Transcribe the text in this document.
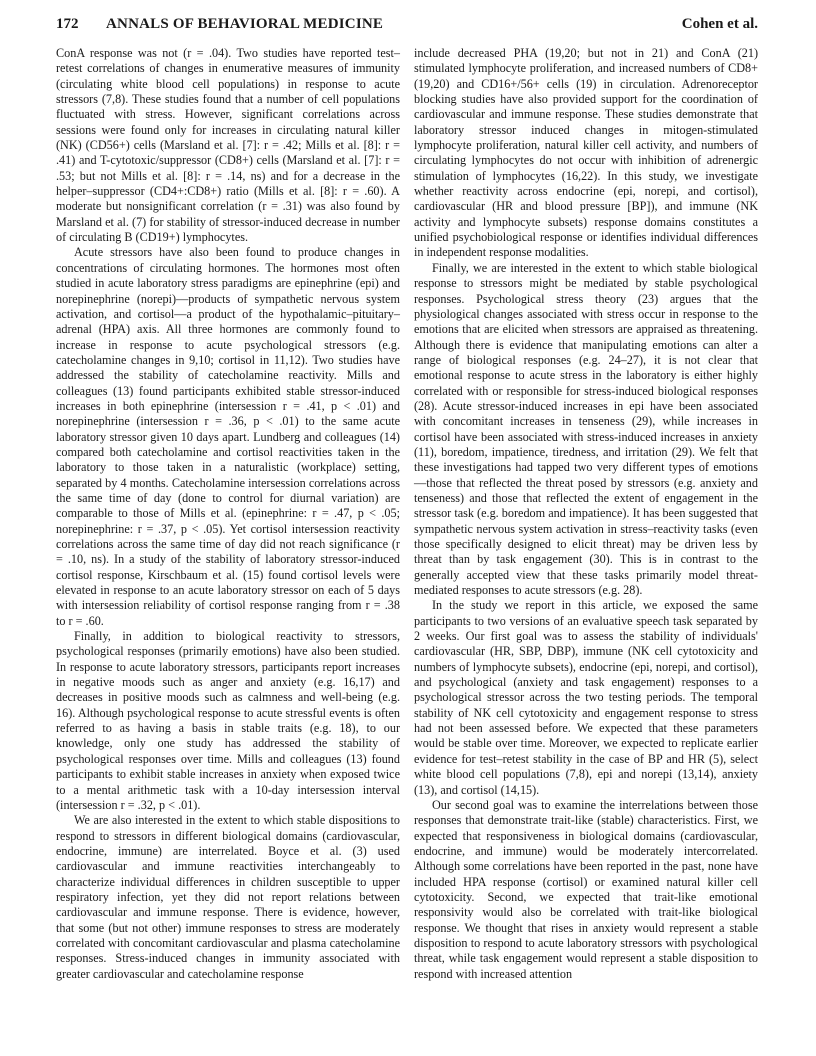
172 ANNALS OF BEHAVIORAL MEDICINE	Cohen et al.

ConA response was not (r = .04). Two studies have reported test–retest correlations of changes in enumerative measures of immunity (circulating white blood cell populations) in response to acute stressors (7,8). These studies found that a number of cell populations fluctuated with stress. However, significant correlations across sessions were found only for increases in circulating natural killer (NK) (CD56+) cells (Marsland et al. [7]: r = .42; Mills et al. [8]: r = .41) and T-cytotoxic/suppressor (CD8+) cells (Marsland et al. [7]: r = .53; but not Mills et al. [8]: r = .14, ns) and for a decrease in the helper–suppressor (CD4+:CD8+) ratio (Mills et al. [8]: r = .60). A moderate but nonsignificant correlation (r = .31) was also found by Marsland et al. (7) for stability of stressor-induced decrease in number of circulating B (CD19+) lymphocytes.

Acute stressors have also been found to produce changes in concentrations of circulating hormones. The hormones most often studied in acute laboratory stress paradigms are epinephrine (epi) and norepinephrine (norepi)—products of sympathetic nervous system activation, and cortisol—a product of the hypothalamic–pituitary–adrenal (HPA) axis. All three hormones are commonly found to increase in response to acute psychological stressors (e.g. catecholamine changes in 9,10; cortisol in 11,12). Two studies have addressed the stability of catecholamine reactivity. Mills and colleagues (13) found participants exhibited stable stressor-induced increases in both epinephrine (intersession r = .41, p < .01) and norepinephrine (intersession r = .36, p < .01) to the same acute laboratory stressor given 10 days apart. Lundberg and colleagues (14) compared both catecholamine and cortisol reactivities taken in the laboratory to those taken in a naturalistic (workplace) setting, separated by 4 months. Catecholamine intersession correlations across the same time of day (done to control for diurnal variation) are comparable to those of Mills et al. (epinephrine: r = .47, p < .05; norepinephrine: r = .37, p < .05). Yet cortisol intersession reactivity correlations across the same time of day did not reach significance (r = .10, ns). In a study of the stability of laboratory stressor-induced cortisol response, Kirschbaum et al. (15) found cortisol levels were elevated in response to an acute laboratory stressor on each of 5 days with intersession reliability of cortisol response ranging from r = .38 to r = .60.

Finally, in addition to biological reactivity to stressors, psychological responses (primarily emotions) have also been studied. In response to acute laboratory stressors, participants report increases in negative moods such as anger and anxiety (e.g. 16,17) and decreases in positive moods such as calmness and well-being (e.g. 16). Although psychological response to acute stressful events is often referred to as having a basis in stable traits (e.g. 18), to our knowledge, only one study has addressed the stability of psychological responses over time. Mills and colleagues (13) found participants to exhibit stable increases in anxiety when exposed twice to a mental arithmetic task with a 10-day intersession interval (intersession r = .32, p < .01).

We are also interested in the extent to which stable dispositions to respond to stressors in different biological domains (cardiovascular, endocrine, immune) are interrelated. Boyce et al. (3) used cardiovascular and immune reactivities interchangeably to characterize individual differences in children susceptible to upper respiratory infection, yet they did not report relations between cardiovascular and immune response. There is evidence, however, that some (but not other) immune responses to stress are moderately correlated with concomitant cardiovascular and plasma catecholamine responses. Stress-induced changes in immunity associated with greater cardiovascular and catecholamine response

include decreased PHA (19,20; but not in 21) and ConA (21) stimulated lymphocyte proliferation, and increased numbers of CD8+ (19,20) and CD16+/56+ cells (19) in circulation. Adrenoreceptor blocking studies have also provided support for the coordination of cardiovascular and immune response. These studies demonstrate that laboratory stressor induced changes in mitogen-stimulated lymphocyte proliferation, natural killer cell activity, and numbers of circulating lymphocytes do not occur with inhibition of adrenergic stimulation of lymphocytes (16,22). In this study, we investigate whether reactivity across endocrine (epi, norepi, and cortisol), cardiovascular (HR and blood pressure [BP]), and immune (NK activity and lymphocyte subsets) response domains constitutes a unified psychobiological response or identifies individual differences in independent response modalities.

Finally, we are interested in the extent to which stable biological response to stressors might be mediated by stable psychological responses. Psychological stress theory (23) argues that the physiological changes associated with stress occur in response to the emotions that are elicited when stressors are appraised as threatening. Although there is evidence that manipulating emotions can alter a range of biological responses (e.g. 24–27), it is not clear that emotional response to acute stress in the laboratory is either highly correlated with or responsible for stress-induced biological responses (28). Acute stressor-induced increases in epi have been associated with concomitant increases in tenseness (29), while increases in cortisol have been associated with stress-induced increases in anxiety (11), boredom, impatience, tiredness, and irritation (29). We felt that these investigations had tapped two very different types of emotions—those that reflected the threat posed by stressors (e.g. anxiety and tenseness) and those that reflected the extent of engagement in the stressor task (e.g. boredom and impatience). It has been suggested that sympathetic nervous system activation in stress–reactivity tasks (even those specifically designed to elicit threat) may be driven less by threat than by task engagement (30). This is in contrast to the generally accepted view that these tasks primarily model threat-mediated responses to acute stressors (e.g. 28).

In the study we report in this article, we exposed the same participants to two versions of an evaluative speech task separated by 2 weeks. Our first goal was to assess the stability of individuals' cardiovascular (HR, SBP, DBP), immune (NK cell cytotoxicity and numbers of lymphocyte subsets), endocrine (epi, norepi, and cortisol), and psychological (anxiety and task engagement) responses to a psychological stressor across the two testing periods. The temporal stability of NK cell cytotoxicity and engagement response to stress had not been assessed before. We expected that these parameters would be stable over time. Moreover, we expected to replicate earlier evidence for test–retest stability in the case of BP and HR (5), select white blood cell populations (7,8), epi and norepi (13,14), anxiety (13), and cortisol (14,15).

Our second goal was to examine the interrelations between those responses that demonstrate trait-like (stable) characteristics. First, we expected that responsiveness in biological domains (cardiovascular, endocrine, and immune) would be moderately intercorrelated. Although some correlations have been reported in the past, none have included HPA response (cortisol) or examined natural killer cell cytotoxicity. Second, we expected that trait-like emotional responsivity would also be correlated with trait-like biological response. We thought that rises in anxiety would represent a stable disposition to respond to acute laboratory stressors with psychological threat, while task engagement would represent a stable disposition to respond with increased attention
